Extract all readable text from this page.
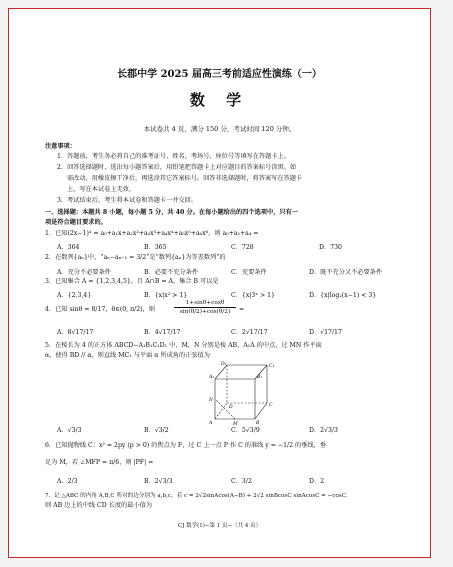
长郡中学 2025 届高三考前适应性演练（一）
数 学
本试卷共 4 页，满分 150 分，考试时间 120 分钟。
注意事项：
1．答题前，考生务必将自己的准考证号、姓名、考场号、座位号等填写在答题卡上。
2．回答选择题时，选出每小题答案后，用铅笔把答题卡上对应题目的答案标号涂黑。如
需改动，用橡皮擦干净后，再选涂其它答案标号。回答非选择题时，将答案写在答题卡
上，写在本试卷上无效。
3．考试结束后，考生将本试卷和答题卡一并交回。
一、选择题：本题共 8 小题，每小题 5 分，共 40 分。在每小题给出的四个选项中，只有一
项是符合题目要求的。
1．已知(2x−1)⁴ = a₀+a₁x+a₂x²+a₃x³+a₄x⁴+a₅x⁵+a₆x⁶，则 a₀+a₂+a₄ =
A．364	B．365	C．728	D．730
2．在数列{aₙ}中，“aₙ−aₙ₋₁ = 3/2”是“数列{aₙ}为等差数列”的
A．充分不必要条件	B．必要不充分条件	C．充要条件	D．既不充分又不必要条件
3．已知集合 A = {1,2,3,4,5}，且 A∩B = A，集合 B 可以是
A．{2,3,4}	B．{x|x² > 1}	C．{x|3ˣ > 1}	D．{x|log₂(x−1) < 3}
4．已知 sinθ = 8/17，θ∈(0, π/2)，则	$\frac{1+\sin\theta+\cos\theta}{\sin(\theta/2)+\cos(\theta/2)}$ =
A．8√17/17	B．4√17/17	C．2√17/17	D．√17/17
5．在棱长为 4 的正方体 ABCD−A₁B₁C₁D₁ 中，M，N 分别是棱 AB，A₁A 的中点，过 MN 作平面
α，使得 BD // α，则直线 MC₁ 与平面 α 所成角的正弦值为
D₁	C₁
A₁	B₁
D	C
A	B
N
M
A．√3/3	B．√3/2	C．5√3/9	D．2√3/3
6．已知抛物线 C：x² = 2py (p > 0) 的焦点为 F，过 C 上一点 P 作 C 的准线 y = −1/2 的垂线，垂
足为 M，若 ∠MFP = π/6，则 |PF| =
A．2/3	B．2√3/3	C．3/2	D．2
7．记 △ABC 的内角 A,B,C 所对的边分别为 a,b,c，若 c = 2√2sinAcos(A−B) + 2√2 sinBcosC sinAcosC = −cosC，
则 AB 边上的中线 CD 长度的最小值为
CJ 数学(1)−第 1 页−（共 4 页）
